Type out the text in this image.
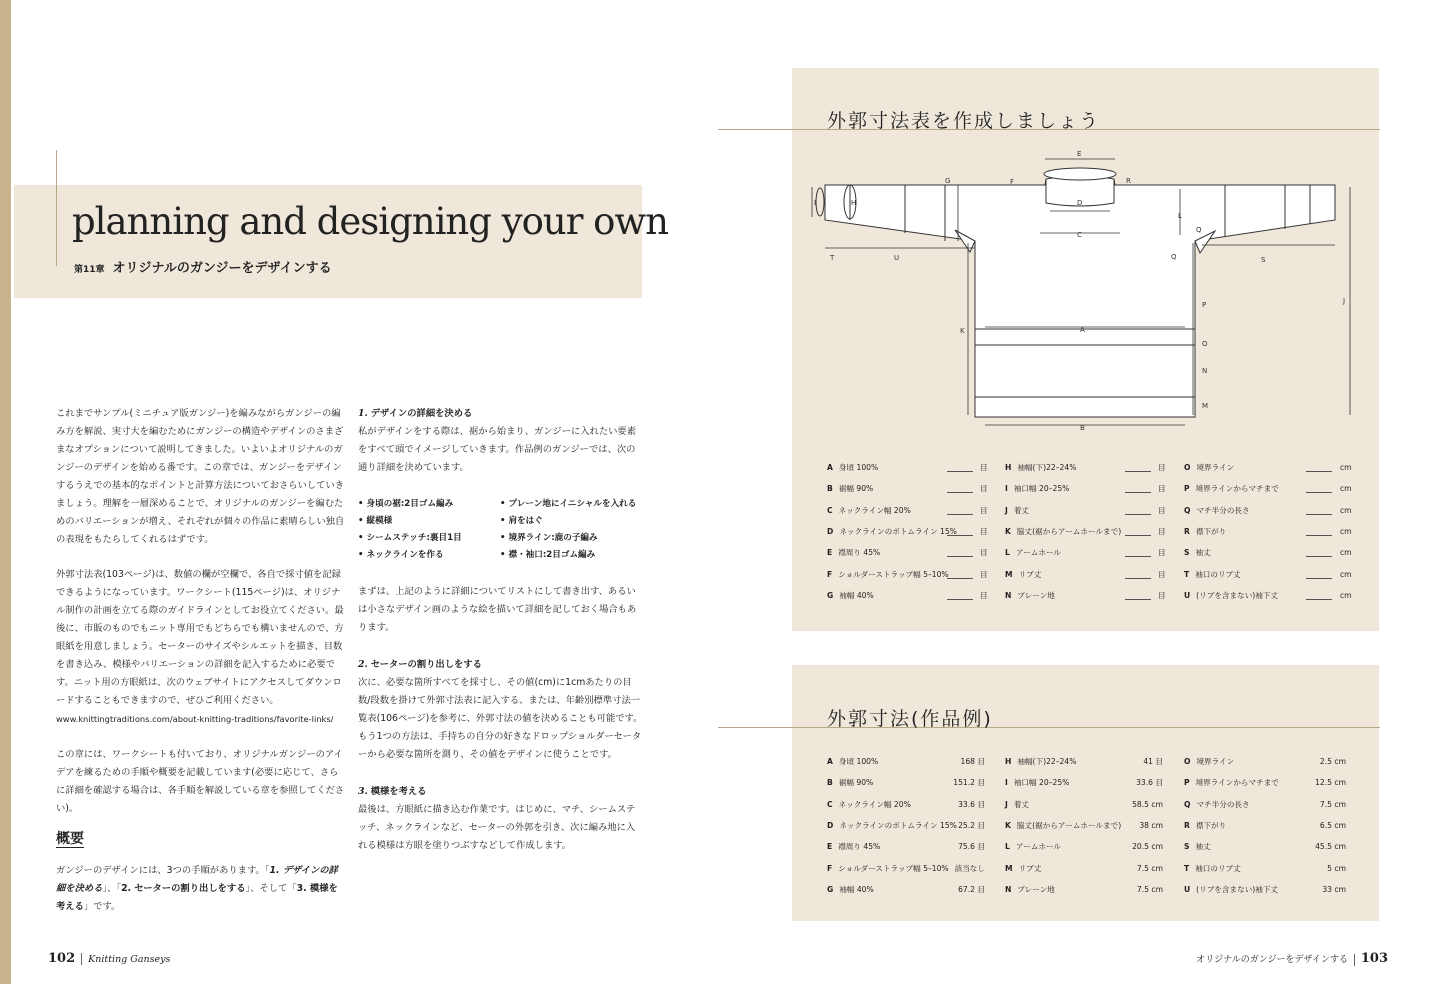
planning and designing your own
第11章 オリジナルのガンジーをデザインする

これまでサンプル(ミニチュア版ガンジー)を編みながらガンジーの編み方を解説、実寸大を編むためにガンジーの構造やデザインのさまざまなオプションについて説明してきました。いよいよオリジナルのガンジーのデザインを始める番です。この章では、ガンジーをデザインするうえでの基本的なポイントと計算方法についておさらいしていきましょう。理解を一層深めることで、オリジナルのガンジーを編むためのバリエーションが増え、それぞれが個々の作品に素晴らしい独自の表現をもたらしてくれるはずです。

外郭寸法表(103ページ)は、数値の欄が空欄で、各自で採寸値を記録できるようになっています。ワークシート(115ページ)は、オリジナル制作の計画を立てる際のガイドラインとしてお役立てください。最後に、市販のものでもニット専用でもどちらでも構いませんので、方眼紙を用意しましょう。セーターのサイズやシルエットを描き、目数を書き込み、模様やバリエーションの詳細を記入するために必要です。ニット用の方眼紙は、次のウェブサイトにアクセスしてダウンロードすることもできますので、ぜひご利用ください。
www.knittingtraditions.com/about-knitting-traditions/favorite-links/

この章には、ワークシートも付いており、オリジナルガンジーのアイデアを練るための手順や概要を記載しています(必要に応じて、さらに詳細を確認する場合は、各手順を解説している章を参照してください)。

概要

ガンジーのデザインには、3つの手順があります。「1. デザインの詳細を決める」、「2. セーターの割り出しをする」、そして「3. 模様を考える」です。

1. デザインの詳細を決める

私がデザインをする際は、裾から始まり、ガンジーに入れたい要素をすべて頭でイメージしていきます。作品例のガンジーでは、次の通り詳細を決めています。

• 身頃の裾:2目ゴム編み	• プレーン地にイニシャルを入れる
• 縦模様	• 肩をはぐ
• シームステッチ:裏目1目	• 境界ライン:鹿の子編み
• ネックラインを作る	• 襟・袖口:2目ゴム編み

まずは、上記のように詳細についてリストにして書き出す、あるいは小さなデザイン画のような絵を描いて詳細を記しておく場合もあります。

2. セーターの割り出しをする

次に、必要な箇所すべてを採寸し、その値(cm)に1cmあたりの目数/段数を掛けて外郭寸法表に記入する、または、年齢別標準寸法一覧表(106ページ)を参考に、外郭寸法の値を決めることも可能です。もう1つの方法は、手持ちの自分の好きなドロップショルダーセーターから必要な箇所を測り、その値をデザインに使うことです。

3. 模様を考える

最後は、方眼紙に描き込む作業です。はじめに、マチ、シームステッチ、ネックラインなど、セーターの外郭を引き、次に編み地に入れる模様は方眼を塗りつぶすなどして作成します。

102 Knitting Ganseys	オリジナルのガンジーをデザインする 103
外郭寸法表を作成しましょう
E
D
C
A
B
F
G
H
I
J
K
L
M
N
O
P
Q
Q
R
S
T	U
A 身頃 100%	目 H 袖幅(下)22–24%	目 O 境界ライン	cm
B 裾幅 90%	目 I 袖口幅 20–25%	目 P 境界ラインからマチまで	cm
C ネックライン幅 20%	目 J 着丈	目 Q マチ半分の長さ	cm
D ネックラインのボトムライン 15%	目 K 脇丈(裾からアームホールまで)	目 R 襟下がり	cm
E 襟周り 45%	目 L アームホール	目 S 袖丈	cm
F ショルダーストラップ幅 5–10%	目 M リブ丈	目 T 袖口のリブ丈	cm
G 袖幅 40%	目 N プレーン地	目 U (リブを含まない)袖下丈	cm
外郭寸法(作品例)
A 身頃 100%	168 目	H 袖幅(下)22–24%	41 目	O 境界ライン	2.5 cm
B 裾幅 90%	151.2 目	I 袖口幅 20–25%	33.6 目	P 境界ラインからマチまで	12.5 cm
C ネックライン幅 20%	33.6 目	J 着丈	58.5 cm	Q マチ半分の長さ	7.5 cm
D ネックラインのボトムライン 15% 25.2 目	K 脇丈(裾からアームホールまで) 38 cm	R 襟下がり	6.5 cm
E 襟周り 45%	75.6 目	L アームホール	20.5 cm	S 袖丈	45.5 cm
F ショルダーストラップ幅 5–10% 該当なし	M リブ丈	7.5 cm	T 袖口のリブ丈	5 cm
G 袖幅 40%	67.2 目	N プレーン地	7.5 cm	U (リブを含まない)袖下丈	33 cm
